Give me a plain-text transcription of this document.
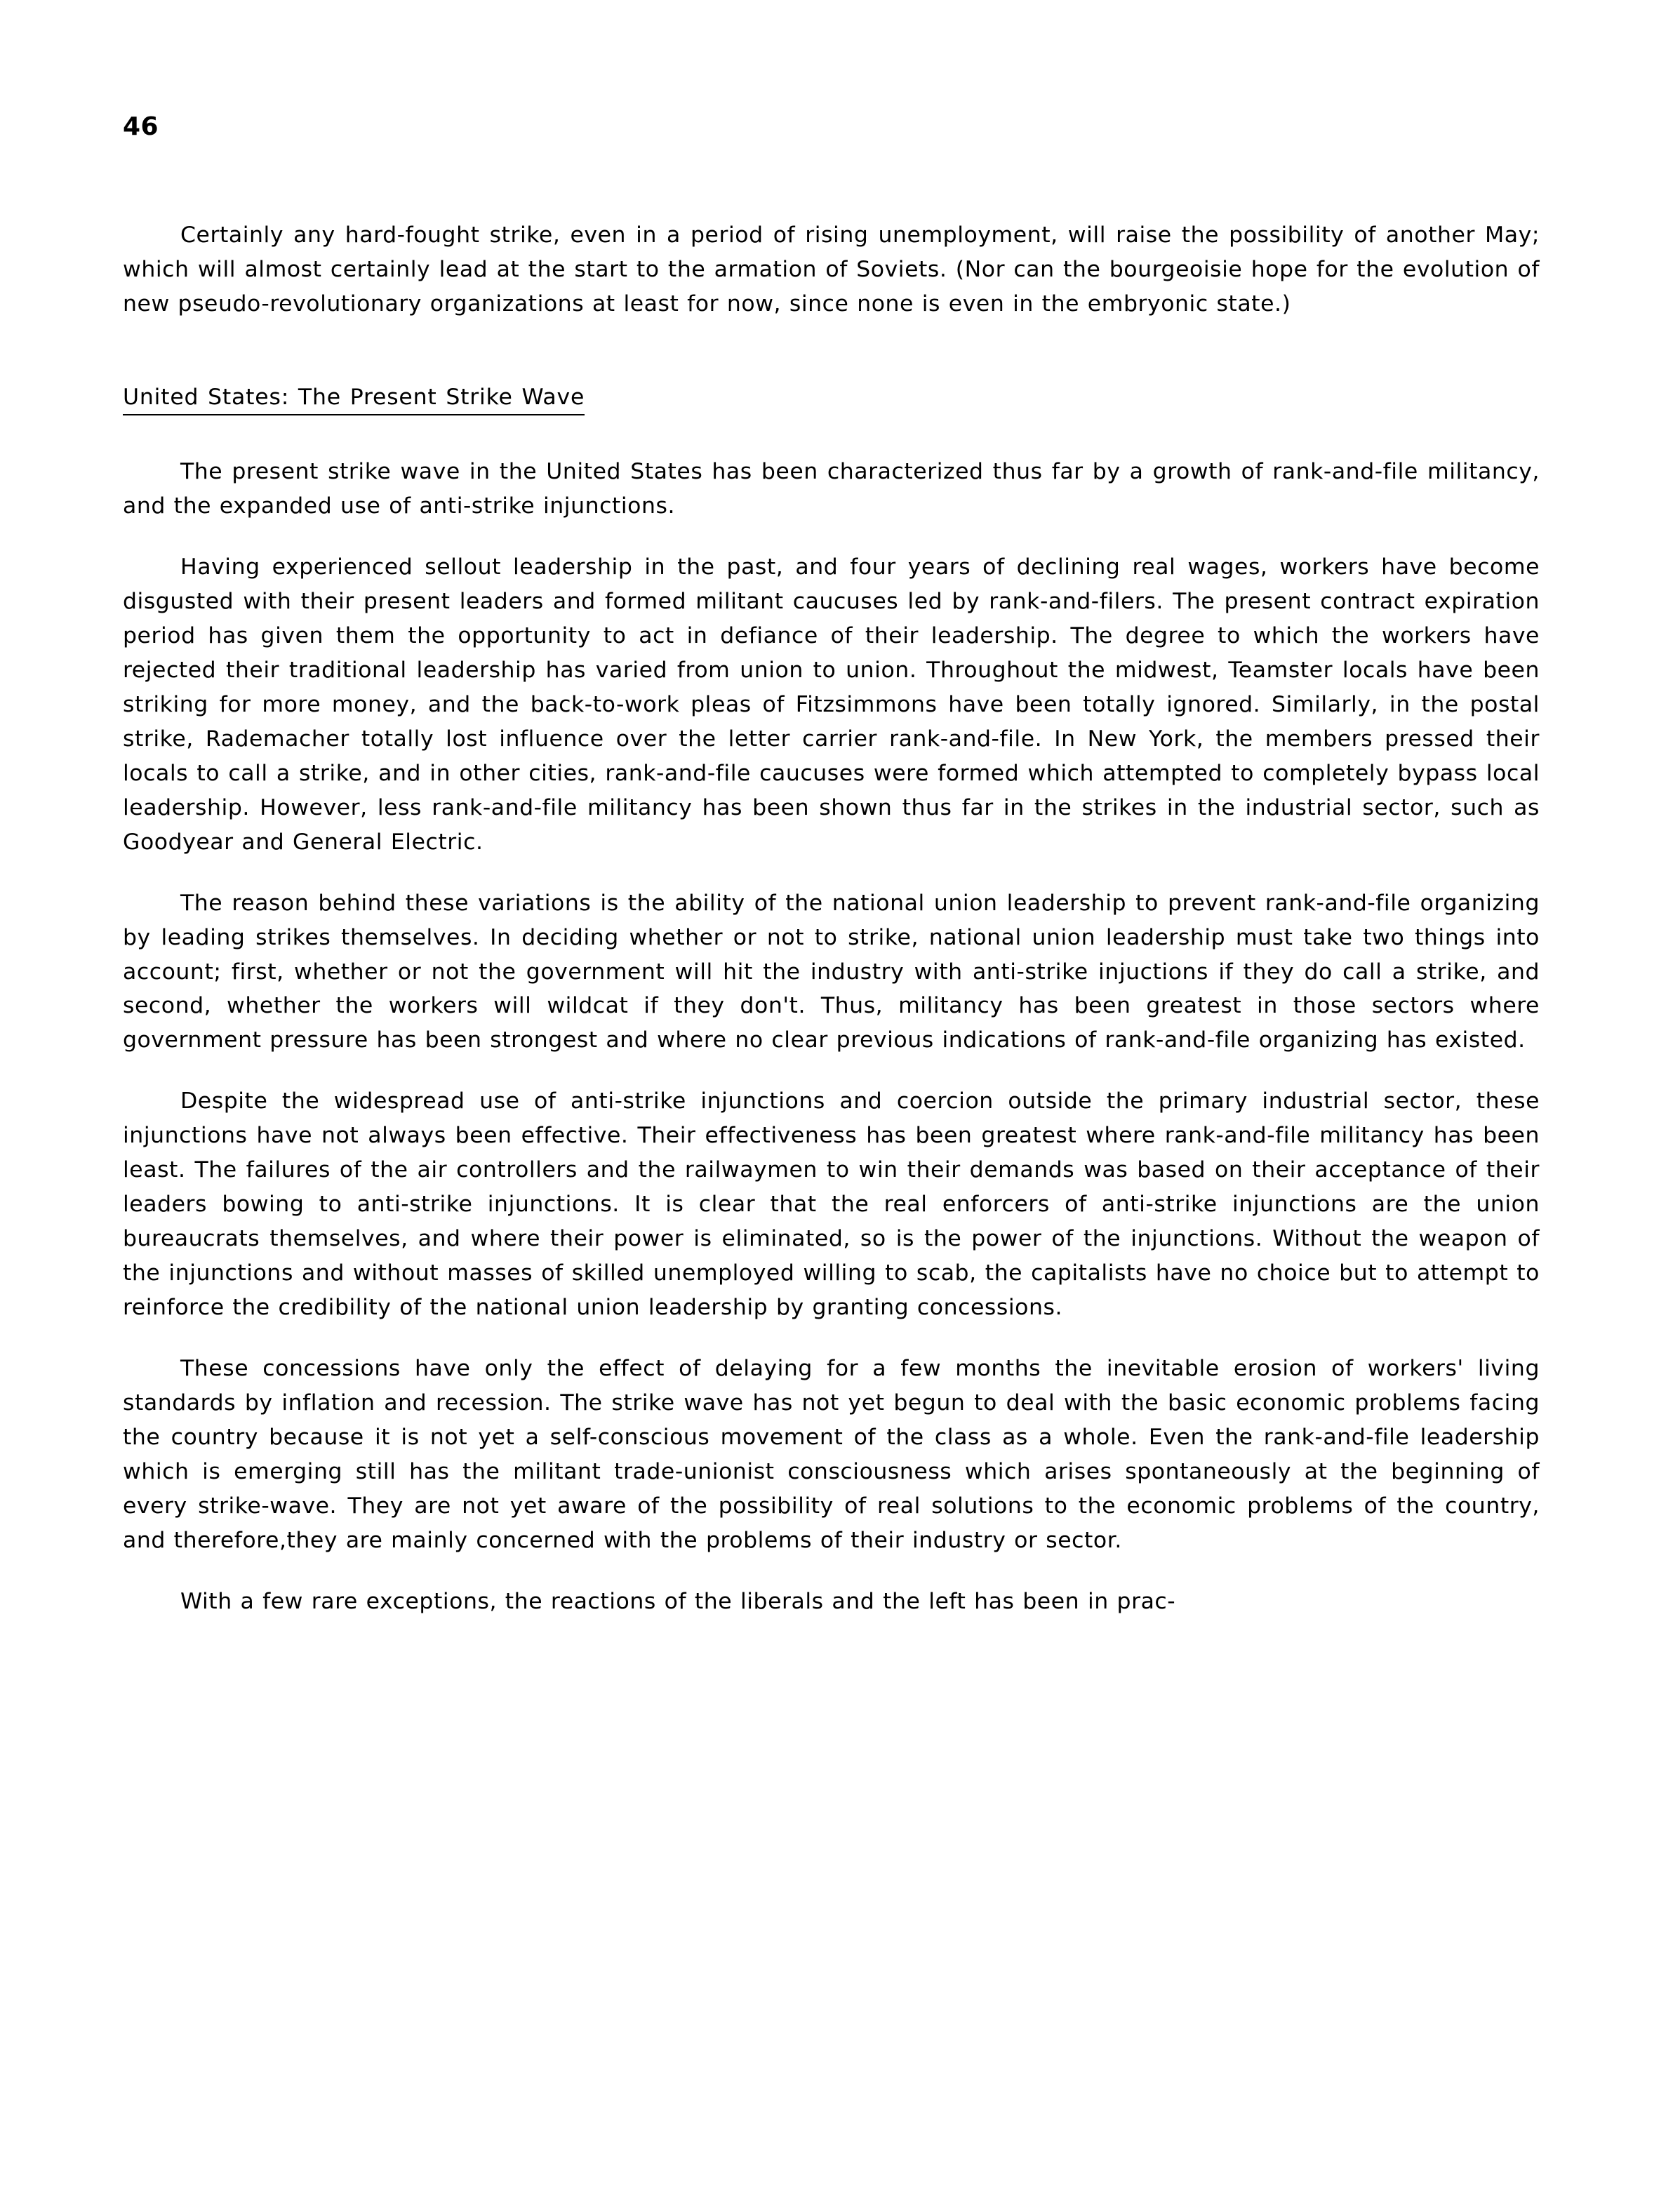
46

Certainly any hard-fought strike, even in a period of rising unemployment, will raise the possibility of another May; which will almost certainly lead at the start to the armation of Soviets. (Nor can the bourgeoisie hope for the evolution of new pseudo-revolutionary organizations at least for now, since none is even in the embryonic state.)

United States: The Present Strike Wave

The present strike wave in the United States has been characterized thus far by a growth of rank-and-file militancy, and the expanded use of anti-strike injunctions.

Having experienced sellout leadership in the past, and four years of declining real wages, workers have become disgusted with their present leaders and formed militant caucuses led by rank-and-filers. The present contract expiration period has given them the opportunity to act in defiance of their leadership. The degree to which the workers have rejected their traditional leadership has varied from union to union. Throughout the midwest, Teamster locals have been striking for more money, and the back-to-work pleas of Fitzsimmons have been totally ignored. Similarly, in the postal strike, Rademacher totally lost influence over the letter carrier rank-and-file. In New York, the members pressed their locals to call a strike, and in other cities, rank-and-file caucuses were formed which attempted to completely bypass local leadership. However, less rank-and-file militancy has been shown thus far in the strikes in the industrial sector, such as Goodyear and General Electric.

The reason behind these variations is the ability of the national union leadership to prevent rank-and-file organizing by leading strikes themselves. In deciding whether or not to strike, national union leadership must take two things into account; first, whether or not the government will hit the industry with anti-strike injuctions if they do call a strike, and second, whether the workers will wildcat if they don't. Thus, militancy has been greatest in those sectors where government pressure has been strongest and where no clear previous indications of rank-and-file organizing has existed.

Despite the widespread use of anti-strike injunctions and coercion outside the primary industrial sector, these injunctions have not always been effective. Their effectiveness has been greatest where rank-and-file militancy has been least. The failures of the air controllers and the railwaymen to win their demands was based on their acceptance of their leaders bowing to anti-strike injunctions. It is clear that the real enforcers of anti-strike injunctions are the union bureaucrats themselves, and where their power is eliminated, so is the power of the injunctions. Without the weapon of the injunctions and without masses of skilled unemployed willing to scab, the capitalists have no choice but to attempt to reinforce the credibility of the national union leadership by granting concessions.

These concessions have only the effect of delaying for a few months the inevitable erosion of workers' living standards by inflation and recession. The strike wave has not yet begun to deal with the basic economic problems facing the country because it is not yet a self-conscious movement of the class as a whole. Even the rank-and-file leadership which is emerging still has the militant trade-unionist consciousness which arises spontaneously at the beginning of every strike-wave. They are not yet aware of the possibility of real solutions to the economic problems of the country, and therefore,they are mainly concerned with the problems of their industry or sector.

With a few rare exceptions, the reactions of the liberals and the left has been in prac-
